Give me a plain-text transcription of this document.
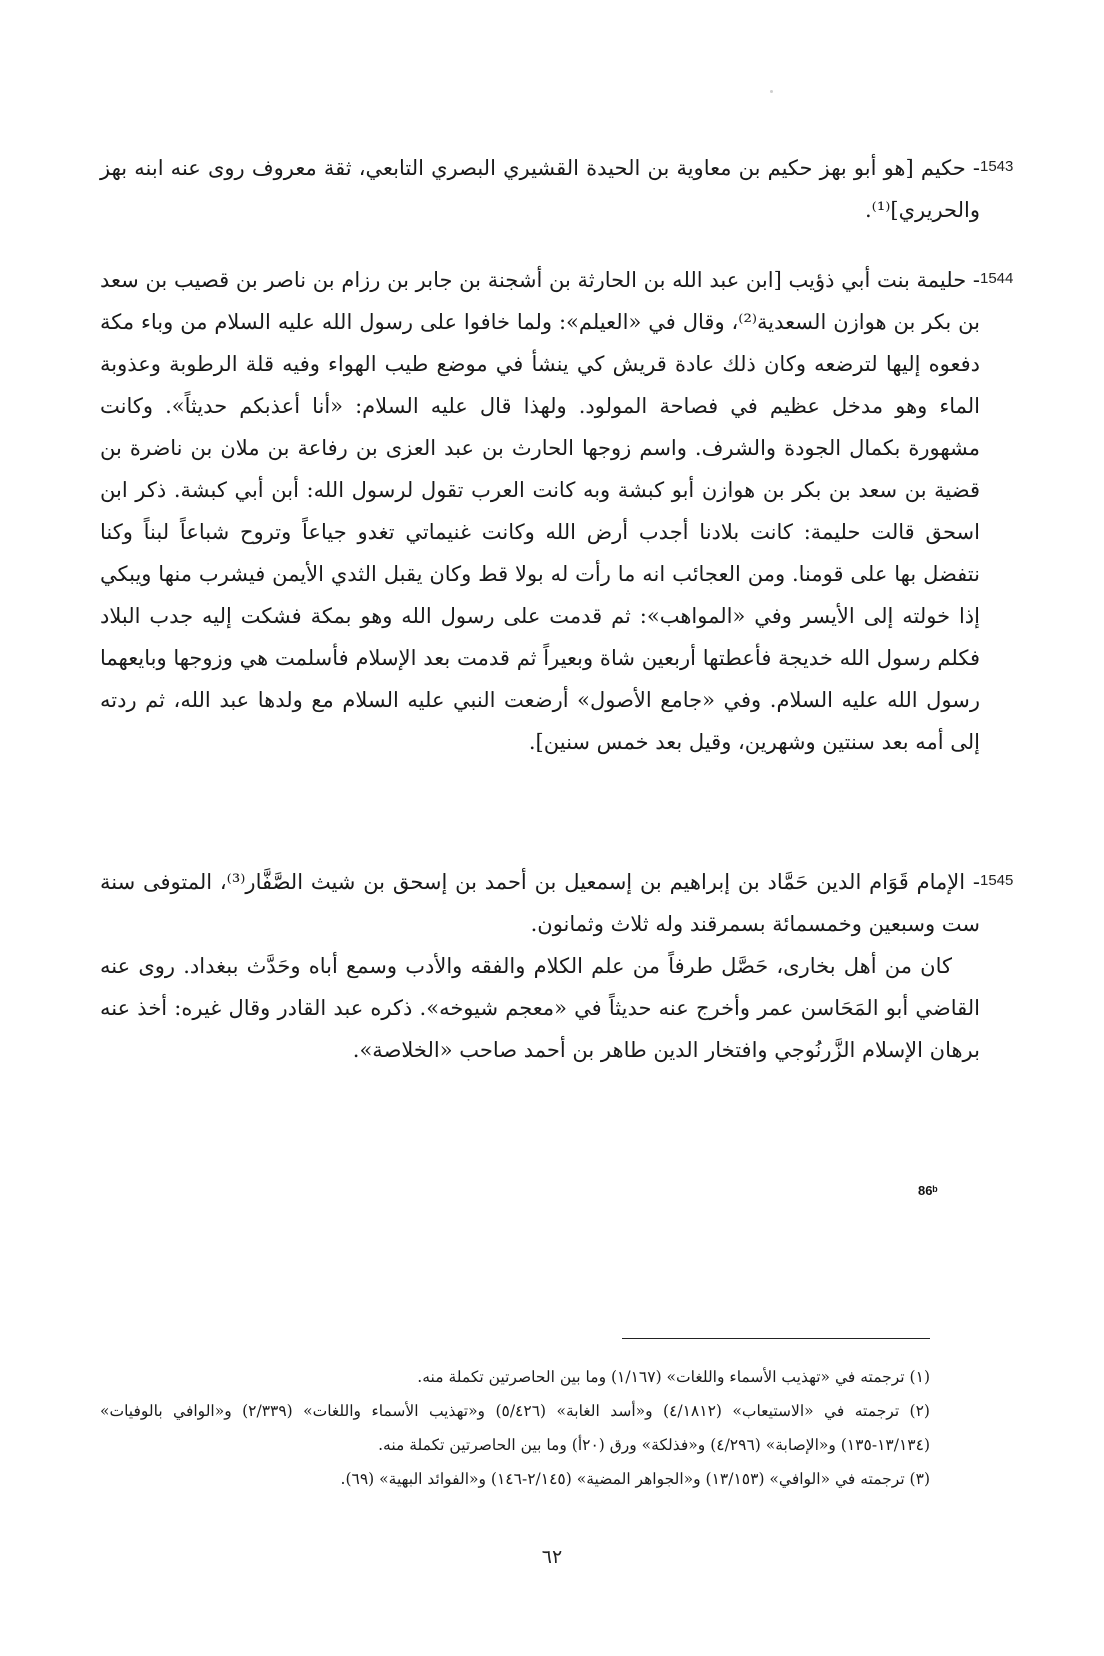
1543
- حكيم [هو أبو بهز حكيم بن معاوية بن الحيدة القشيري البصري التابعي، ثقة معروف روى عنه ابنه بهز والحريري]⁽¹⁾.
1544
- حليمة بنت أبي ذؤيب [ابن عبد الله بن الحارثة بن أشجنة بن جابر بن رزام بن ناصر بن قصيب بن سعد بن بكر بن هوازن السعدية⁽²⁾، وقال في «العيلم»: ولما خافوا على رسول الله عليه السلام من وباء مكة دفعوه إليها لترضعه وكان ذلك عادة قريش كي ينشأ في موضع طيب الهواء وفيه قلة الرطوبة وعذوبة الماء وهو مدخل عظيم في فصاحة المولود. ولهذا قال عليه السلام: «أنا أعذبكم حديثاً». وكانت مشهورة بكمال الجودة والشرف. واسم زوجها الحارث بن عبد العزى بن رفاعة بن ملان بن ناضرة بن قضية بن سعد بن بكر بن هوازن أبو كبشة وبه كانت العرب تقول لرسول الله: أبن أبي كبشة. ذكر ابن اسحق قالت حليمة: كانت بلادنا أجدب أرض الله وكانت غنيماتي تغدو جياعاً وتروح شباعاً لبناً وكنا نتفضل بها على قومنا. ومن العجائب انه ما رأت له بولا قط وكان يقبل الثدي الأيمن فيشرب منها ويبكي إذا خولته إلى الأيسر وفي «المواهب»: ثم قدمت على رسول الله وهو بمكة فشكت إليه جدب البلاد فكلم رسول الله خديجة فأعطتها أربعين شاة وبعيراً ثم قدمت بعد الإسلام فأسلمت هي وزوجها وبايعهما رسول الله عليه السلام. وفي «جامع الأصول» أرضعت النبي عليه السلام مع ولدها عبد الله، ثم ردته إلى أمه بعد سنتين وشهرين، وقيل بعد خمس سنين].
1545
- الإمام قَوَام الدين حَمَّاد بن إبراهيم بن إسمعيل بن أحمد بن إسحق بن شيث الصَّفَّار⁽³⁾، المتوفى سنة ست وسبعين وخمسمائة بسمرقند وله ثلاث وثمانون.
كان من أهل بخارى، حَصَّل طرفاً من علم الكلام والفقه والأدب وسمع أباه وحَدَّث ببغداد. روى عنه القاضي أبو المَحَاسن عمر وأخرج عنه حديثاً في «معجم شيوخه». ذكره عبد القادر وقال غيره: أخذ عنه برهان الإسلام الزَّرنُوجي وافتخار الدين طاهر بن أحمد صاحب «الخلاصة».
86ᵇ

(١) ترجمته في «تهذيب الأسماء واللغات» (١/١٦٧) وما بين الحاصرتين تكملة منه.

(٢) ترجمته في «الاستيعاب» (٤/١٨١٢) و«أسد الغابة» (٥/٤٢٦) و«تهذيب الأسماء واللغات» (٢/٣٣٩) و«الوافي بالوفيات» (١٣/١٣٤-١٣٥) و«الإصابة» (٤/٢٩٦) و«فذلكة» ورق (٢٠أ) وما بين الحاصرتين تكملة منه.

(٣) ترجمته في «الوافي» (١٣/١٥٣) و«الجواهر المضية» (٢/١٤٥-١٤٦) و«الفوائد البهية» (٦٩).

٦٢
